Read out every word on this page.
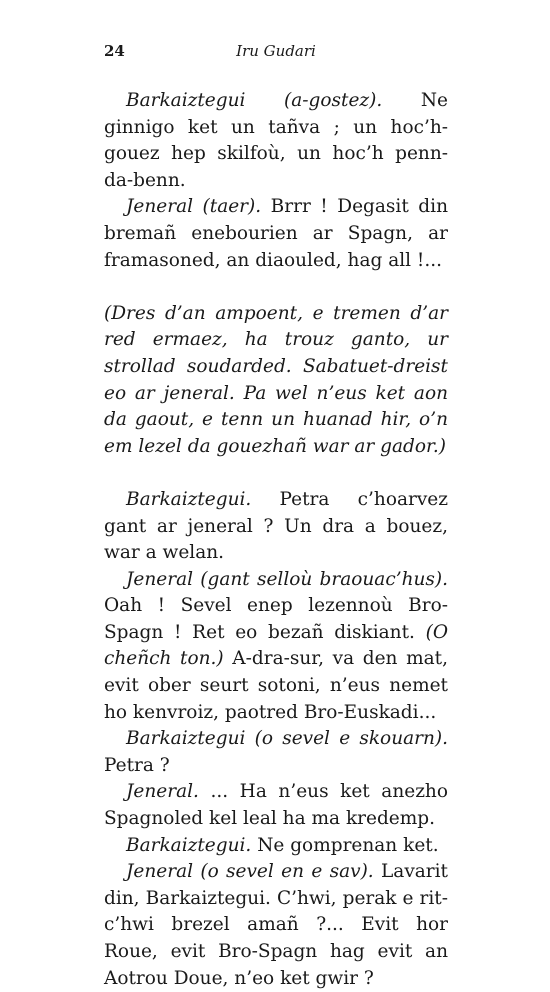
24	Iru Gudari

Barkaiztegui (a-gostez). Ne ginnigo ket un tañva ; un hoc’h-gouez hep skilfoù, un hoc’h penn-da-benn.

Jeneral (taer). Brrr ! Degasit din bremañ enebourien ar Spagn, ar framasoned, an diaouled, hag all !...

(Dres d’an ampoent, e tremen d’ar red ermaez, ha trouz ganto, ur strollad soudarded. Sabatuet-dreist eo ar jeneral. Pa wel n’eus ket aon da gaout, e tenn un huanad hir, o’n em lezel da gouezhañ war ar gador.)

Barkaiztegui. Petra c’hoarvez gant ar jeneral ? Un dra a bouez, war a welan.

Jeneral (gant selloù braouac’hus). Oah ! Sevel enep lezennoù Bro-Spagn ! Ret eo bezañ diskiant. (O cheñch ton.) A-dra-sur, va den mat, evit ober seurt sotoni, n’eus nemet ho kenvroiz, paotred Bro-Euskadi...

Barkaiztegui (o sevel e skouarn). Petra ?

Jeneral. ... Ha n’eus ket anezho Spagnoled kel leal ha ma kredemp.

Barkaiztegui. Ne gomprenan ket.

Jeneral (o sevel en e sav). Lavarit din, Barkaiztegui. C’hwi, perak e rit-c’hwi brezel amañ ?... Evit hor Roue, evit Bro-Spagn hag evit an Aotrou Doue, n’eo ket gwir ?
